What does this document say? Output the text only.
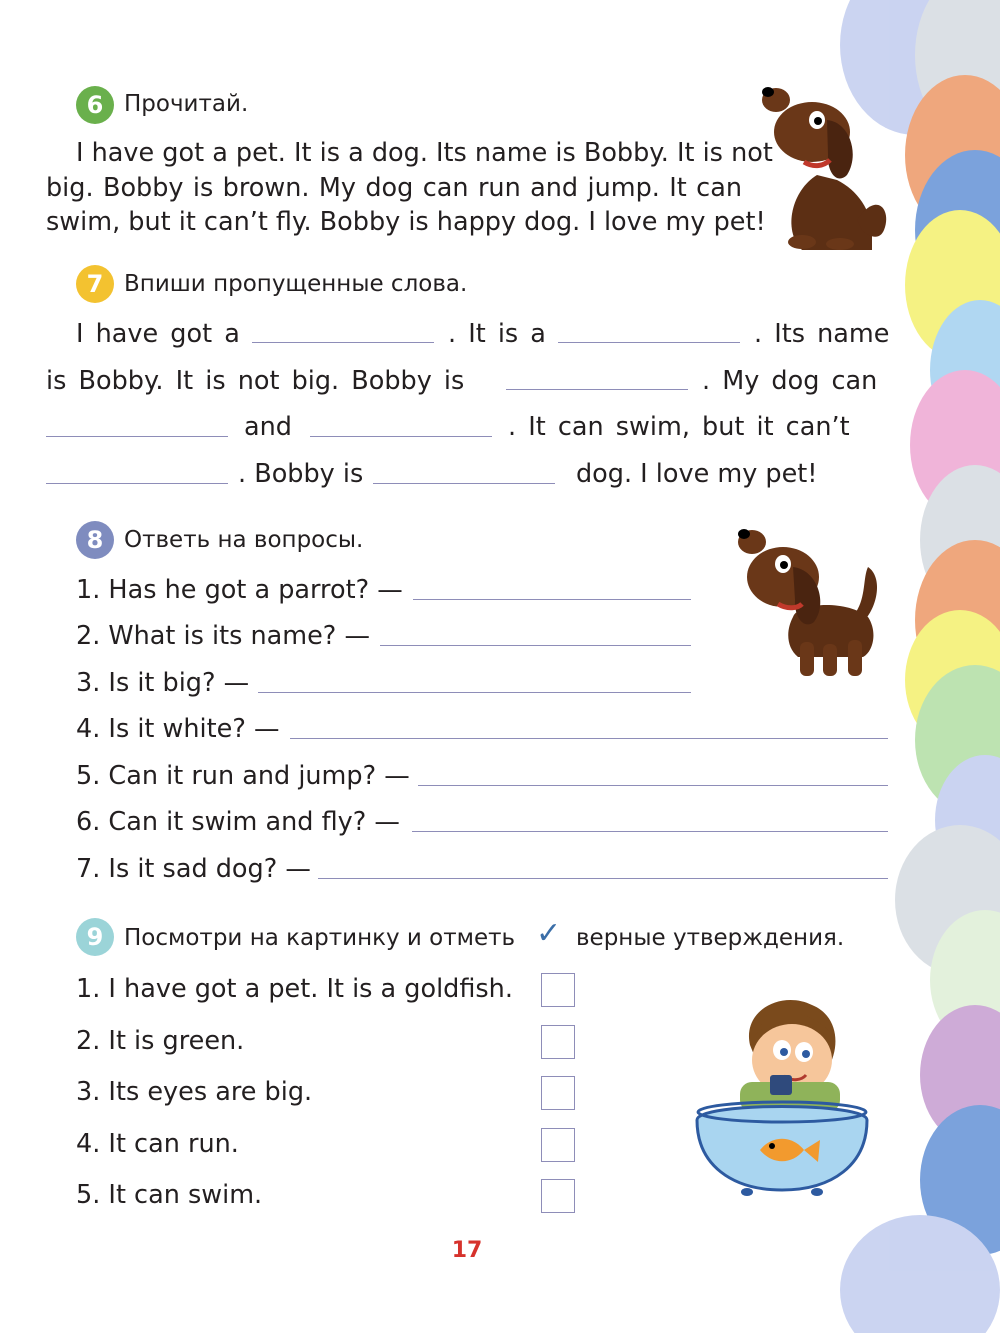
6 Прочитай.
I have got a pet. It is a dog. Its name is Bobby. It is not
big. Bobby is brown. My dog can run and jump. It can
swim, but it can’t fly. Bobby is happy dog. I love my pet!
7 Впиши пропущенные слова.
I have got a	. It is a	. Its name
is Bobby. It is not big. Bobby is	. My dog can
and	. It can swim, but it can’t
. Bobby is	dog. I love my pet!
8 Ответь на вопросы.
1. Has he got a parrot? —
2. What is its name? —
3. Is it big? —
4. Is it white? —
5. Can it run and jump? —
6. Can it swim and fly? —
7. Is it sad dog? —
9 Посмотри на картинку и отметь ✓ верные утверждения.
1. I have got a pet. It is a goldfish.
2. It is green.
3. Its eyes are big.
4. It can run.
5. It can swim.
17
